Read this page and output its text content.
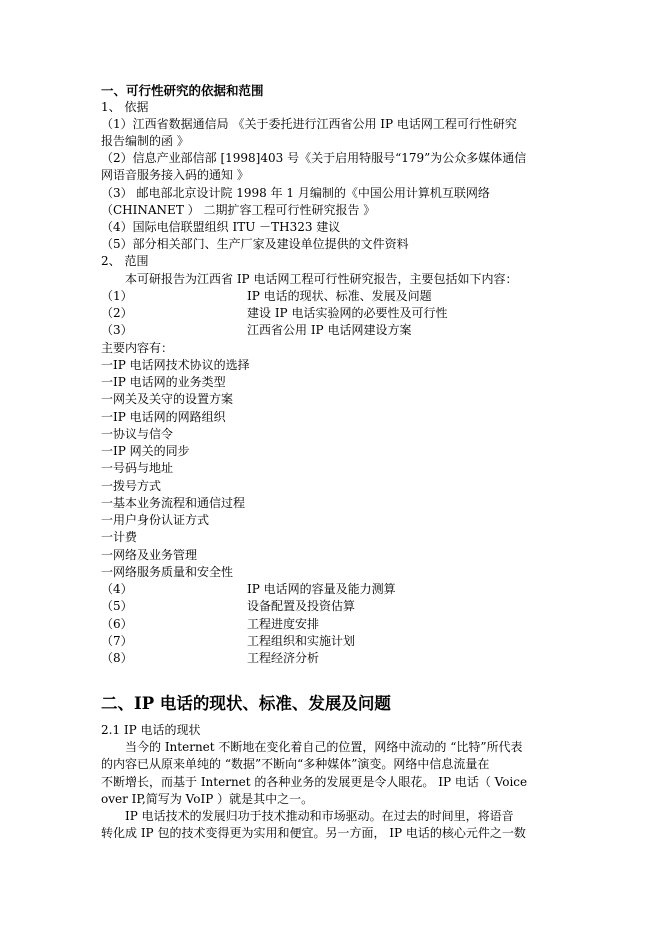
一、可行性研究的依据和范围
1、 依据
（1）江西省数据通信局 《关于委托进行江西省公用 IP 电话网工程可行性研究
报告编制的函 》
（2）信息产业部信部 [1998]403 号《关于启用特服号“179”为公众多媒体通信
网语音服务接入码的通知 》
（3） 邮电部北京设计院 1998 年 1 月编制的《中国公用计算机互联网络
（CHINANET ） 二期扩容工程可行性研究报告 》
（4）国际电信联盟组织 ITU －TH323 建议
（5）部分相关部门、生产厂家及建设单位提供的文件资料
2、 范围
本可研报告为江西省 IP 电话网工程可行性研究报告，主要包括如下内容：
（1）	IP 电话的现状、标准、发展及问题
（2）	建设 IP 电话实验网的必要性及可行性
（3）	江西省公用 IP 电话网建设方案
主要内容有：
一IP 电话网技术协议的选择
一IP 电话网的业务类型
一网关及关守的设置方案
一IP 电话网的网路组织
一协议与信令
一IP 网关的同步
一号码与地址
一拨号方式
一基本业务流程和通信过程
一用户身份认证方式
一计费
一网络及业务管理
一网络服务质量和安全性
（4）	IP 电话网的容量及能力测算
（5）	设备配置及投资估算
（6）	工程进度安排
（7）	工程组织和实施计划
（8）	工程经济分析
二、IP 电话的现状、标准、发展及问题
2.1 IP 电话的现状
当今的 Internet 不断地在变化着自己的位置，网络中流动的 “比特”所代表
的内容已从原来单纯的 “数据”不断向“多种媒体”演变。网络中信息流量在
不断增长，而基于 Internet 的各种业务的发展更是令人眼花。 IP 电话（ Voice
over IP,简写为 VoIP ）就是其中之一。
IP 电话技术的发展归功于技术推动和市场驱动。在过去的时间里，将语音
转化成 IP 包的技术变得更为实用和便宜。另一方面， IP 电话的核心元件之一数
